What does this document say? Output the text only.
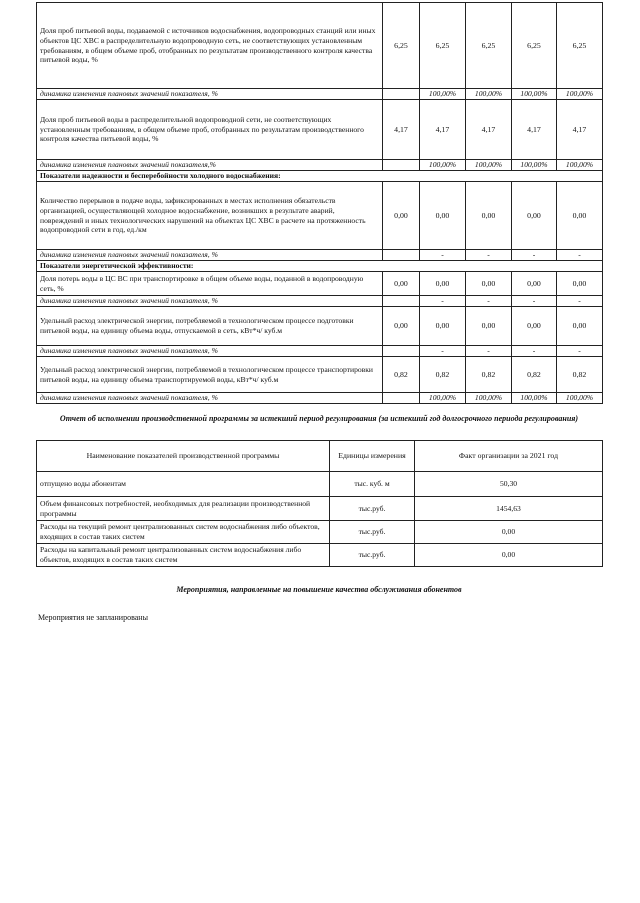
Доля проб питьевой воды, подаваемой с источников водоснабжения, водопроводных станций или иных объектов ЦС ХВС в распределительную водопроводную сеть, не соответствующих установленным требованиям, в общем объеме проб, отобранных по результатам производственного контроля качества питьевой воды, %	6,25	6,25	6,25	6,25	6,25
динамика изменения плановых значений показателя, %		100,00%	100,00%	100,00%	100,00%
Доля проб питьевой воды в распределительной водопроводной сети, не соответствующих установленным требованиям, в общем объеме проб, отобранных по результатам производственного контроля качества питьевой воды, %	4,17	4,17	4,17	4,17	4,17
динамика изменения плановых значений показателя,%		100,00%	100,00%	100,00%	100,00%
Показатели надежности и бесперебойности холодного водоснабжения:					
Количество перерывов в подаче воды, зафиксированных в местах исполнения обязательств организацией, осуществляющей холодное водоснабжение, возникших в результате аварий, повреждений и иных технологических нарушений на объектах ЦС ХВС в расчете на протяженность водопроводной сети в год, ед./км	0,00	0,00	0,00	0,00	0,00
динамика изменения плановых значений показателя, %		-	-	-	-
Показатели энергетической эффективности:					
Доля потерь воды в ЦС ВС при транспортировке в общем объеме воды, поданной в водопроводную сеть, %	0,00	0,00	0,00	0,00	0,00
динамика изменения плановых значений показателя, %		-	-	-	-
Удельный расход электрической энергии, потребляемой в технологическом процессе подготовки питьевой воды, на единицу объема воды, отпускаемой в сеть, кВт*ч/ куб.м	0,00	0,00	0,00	0,00	0,00
динамика изменения плановых значений показателя, %		-	-	-	-
Удельный расход электрической энергии, потребляемой в технологическом процессе транспортировки питьевой воды, на единицу объема транспортируемой воды, кВт*ч/ куб.м	0,82	0,82	0,82	0,82	0,82
динамика изменения плановых значений показателя, %		100,00%	100,00%	100,00%	100,00%
Отчет об исполнении производственной программы за истекший период регулирования (за истекший год долгосрочного периода регулирования)
Наименование показателей производственной программы	Единицы измерения	Факт организации за 2021 год
отпущено воды абонентам	тыс. куб. м	50,30
Объем финансовых потребностей, необходимых для реализации производственной программы	тыс.руб.	1454,63
Расходы на текущий ремонт централизованных систем водоснабжения либо объектов, входящих в состав таких систем	тыс.руб.	0,00
Расходы на капитальный ремонт централизованных систем водоснабжения либо объектов, входящих в состав таких систем	тыс.руб.	0,00
Мероприятия, направленные на повышение качества обслуживания абонентов
Мероприятия не запланированы
